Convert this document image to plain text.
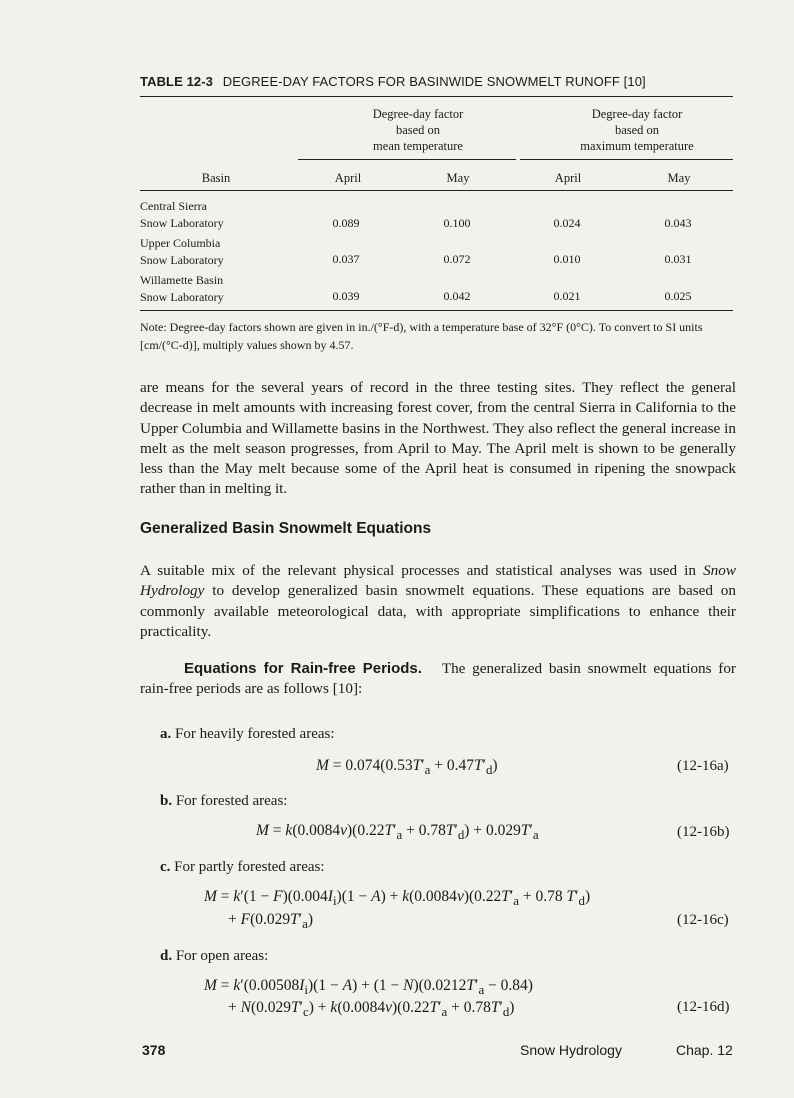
TABLE 12-3 DEGREE-DAY FACTORS FOR BASINWIDE SNOWMELT RUNOFF [10]
Degree-day factor
based on
mean temperature
Degree-day factor
based on
maximum temperature
Basin	April	May	April	May
Central Sierra
Snow Laboratory	0.089	0.100	0.024	0.043
Upper Columbia
Snow Laboratory	0.037	0.072	0.010	0.031
Willamette Basin
Snow Laboratory	0.039	0.042	0.021	0.025
Note: Degree-day factors shown are given in in./(°F-d), with a temperature base of 32°F (0°C). To convert to SI units [cm/(°C-d)], multiply values shown by 4.57.
are means for the several years of record in the three testing sites. They reflect the general decrease in melt amounts with increasing forest cover, from the central Sierra in California to the Upper Columbia and Willamette basins in the Northwest. They also reflect the general increase in melt as the melt season progresses, from April to May. The April melt is shown to be generally less than the May melt because some of the April heat is consumed in ripening the snowpack rather than in melting it.
Generalized Basin Snowmelt Equations
A suitable mix of the relevant physical processes and statistical analyses was used in Snow Hydrology to develop generalized basin snowmelt equations. These equations are based on commonly available meteorological data, with appropriate simplifications to enhance their practicality.
Equations for Rain-free Periods. The generalized basin snowmelt equations for rain-free periods are as follows [10]:
a. For heavily forested areas:
$M = 0.074(0.53T'_a + 0.47T'_d)$	(12-16a)
b. For forested areas:
$M = k(0.0084v)(0.22T'_a + 0.78T'_d) + 0.029T'_a$	(12-16b)
c. For partly forested areas:
$M = k'(1 - F)(0.004I_i)(1 - A) + k(0.0084v)(0.22T'_a + 0.78$ $T'_d$)
+ $F(0.029T'_a)$	(12-16c)
d. For open areas:
$M = k'(0.00508I_i)(1 - A) + (1 - N)(0.0212T'_a - 0.84)$
+ $N(0.029T'_c) + k(0.0084v)(0.22T'_a + 0.78T'_d)$	(12-16d)
378	Snow Hydrology	Chap. 12
